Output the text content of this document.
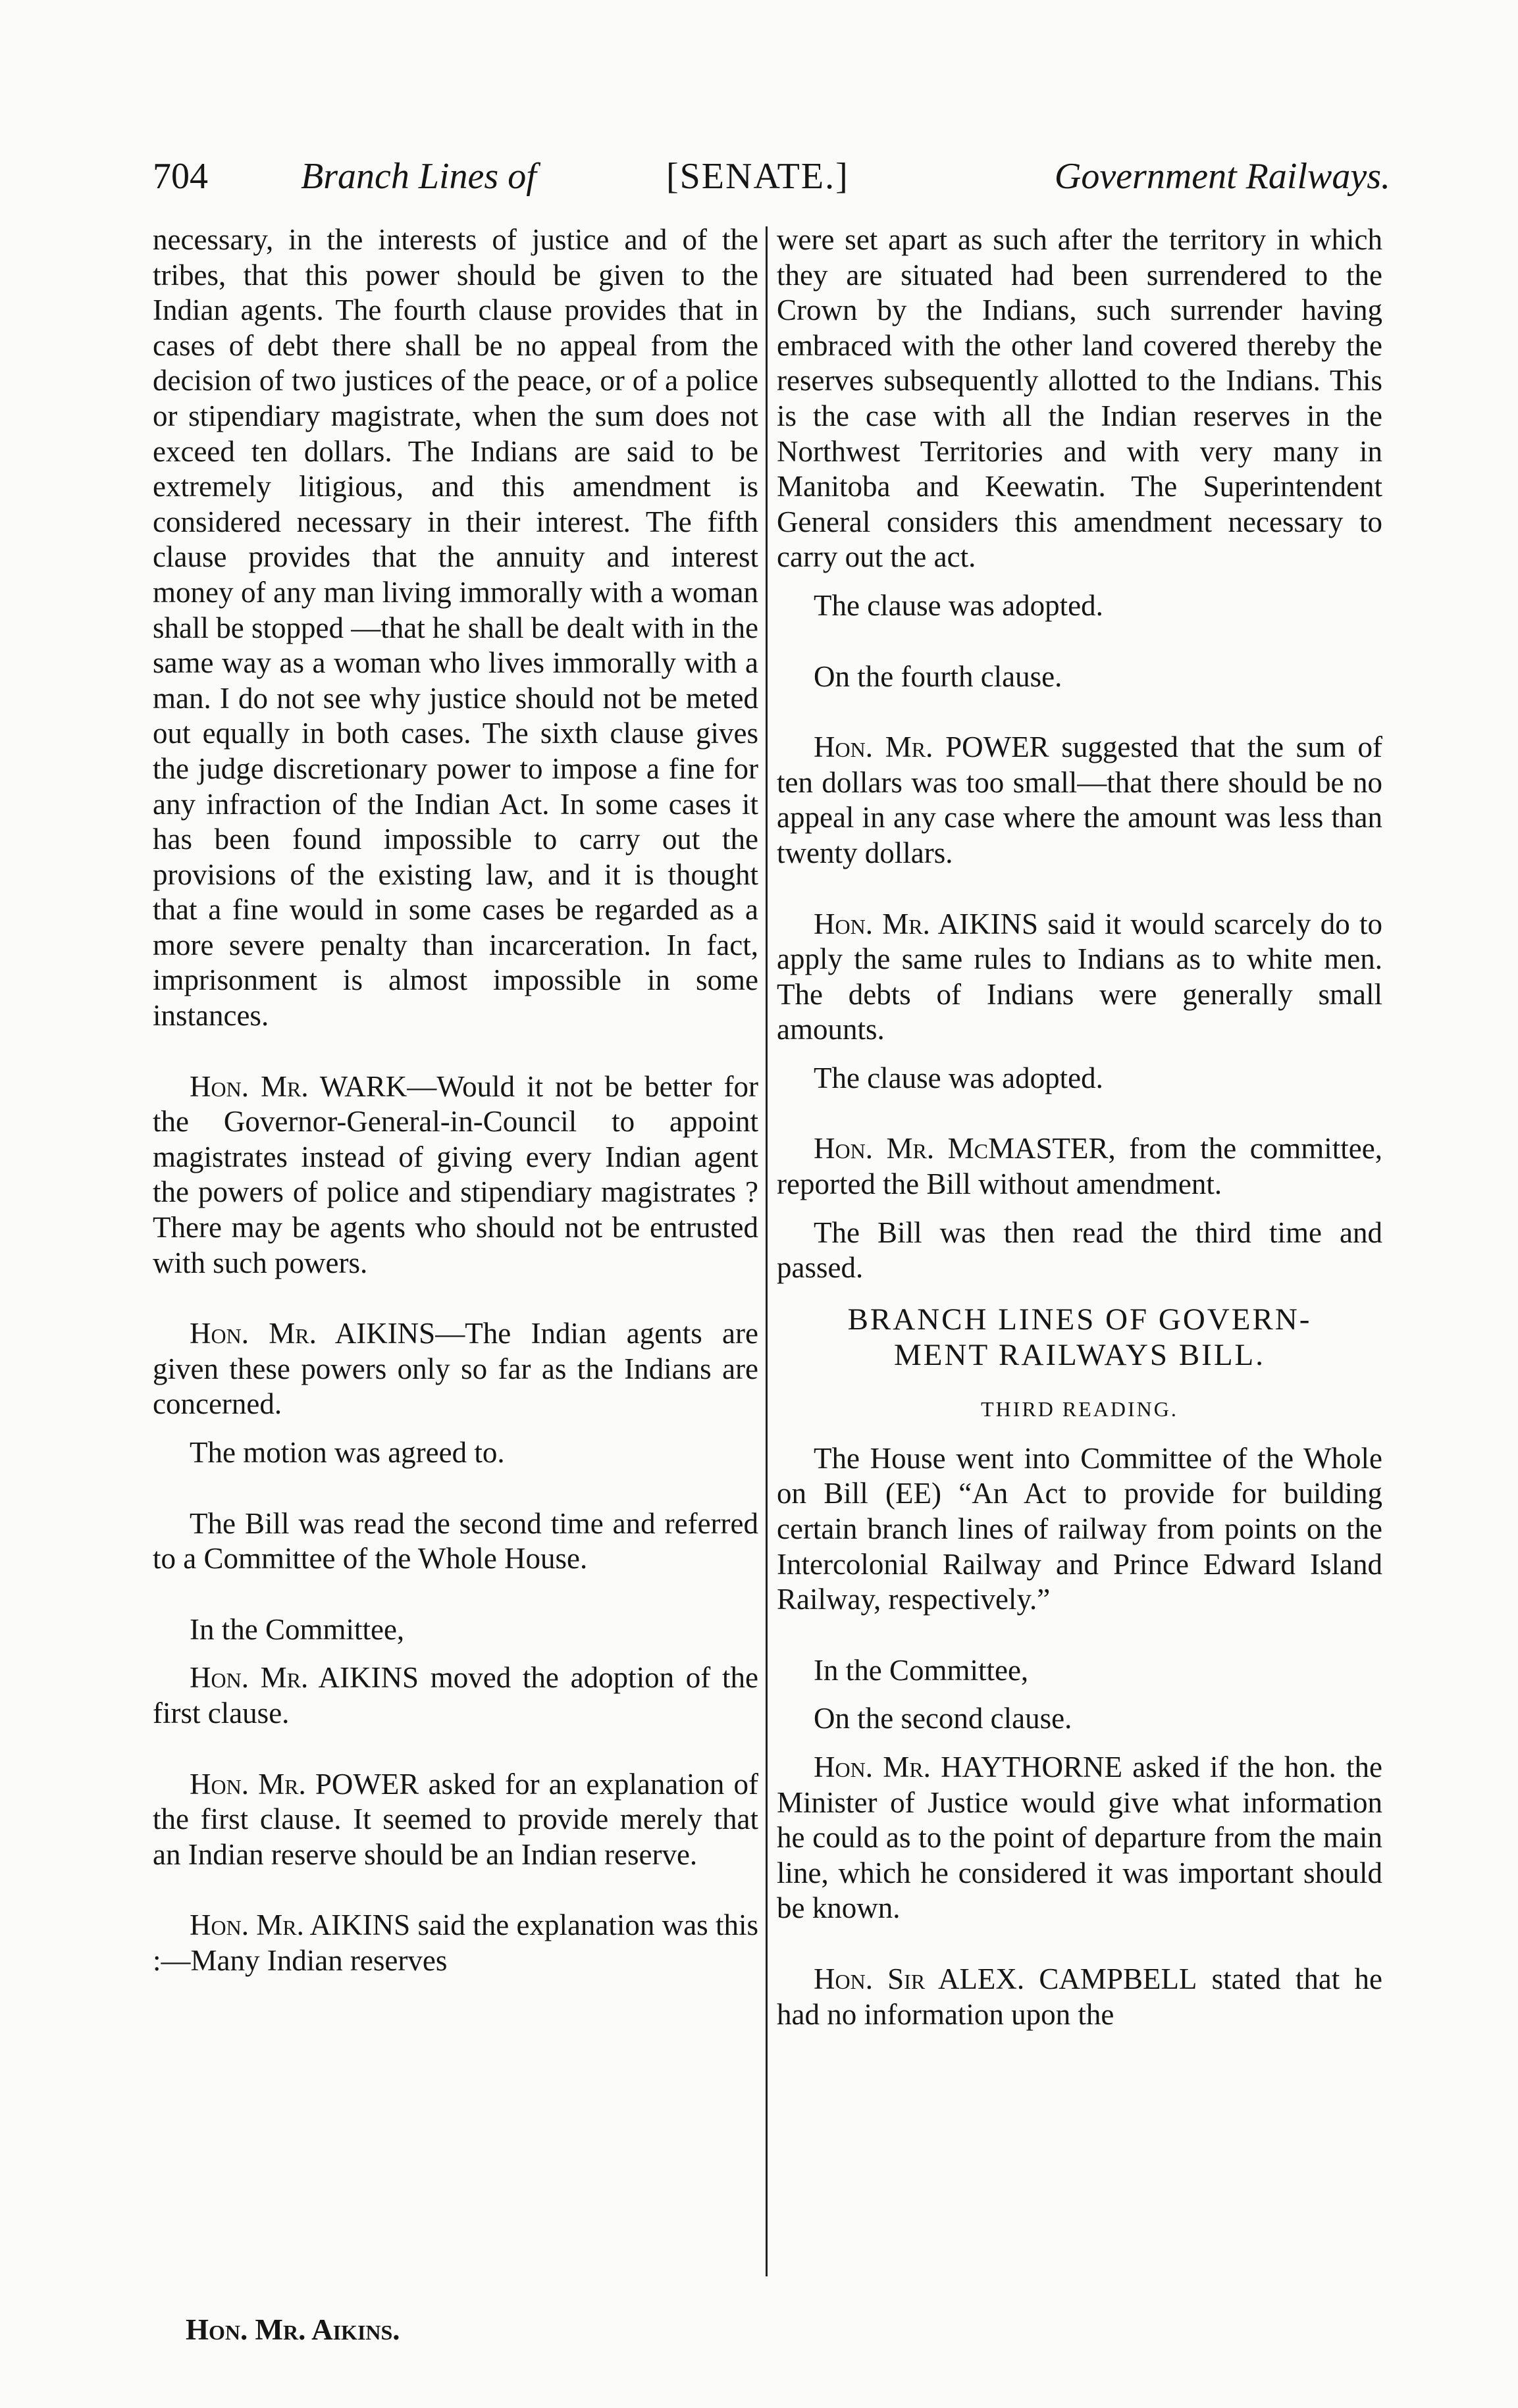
704	Branch Lines of	[SENATE.]	Government Railways.

necessary, in the interests of justice and of the tribes, that this power should be given to the Indian agents. The fourth clause provides that in cases of debt there shall be no appeal from the decision of two justices of the peace, or of a police or stipendiary magistrate, when the sum does not exceed ten dollars. The Indians are said to be extremely litigious, and this amendment is considered necessary in their interest. The fifth clause provides that the annuity and interest money of any man living immorally with a woman shall be stopped —that he shall be dealt with in the same way as a woman who lives immorally with a man. I do not see why justice should not be meted out equally in both cases. The sixth clause gives the judge discretionary power to impose a fine for any infraction of the Indian Act. In some cases it has been found impossible to carry out the provisions of the existing law, and it is thought that a fine would in some cases be regarded as a more severe penalty than incarceration. In fact, imprisonment is almost impossible in some instances.

Hon. Mr. WARK—Would it not be better for the Governor-General-in-Council to appoint magistrates instead of giving every Indian agent the powers of police and stipendiary magistrates ? There may be agents who should not be entrusted with such powers.

Hon. Mr. AIKINS—The Indian agents are given these powers only so far as the Indians are concerned.

The motion was agreed to.

The Bill was read the second time and referred to a Committee of the Whole House.

In the Committee,

Hon. Mr. AIKINS moved the adoption of the first clause.

Hon. Mr. POWER asked for an explanation of the first clause. It seemed to provide merely that an Indian reserve should be an Indian reserve.

Hon. Mr. AIKINS said the explanation was this :—Many Indian reserves

were set apart as such after the territory in which they are situated had been surrendered to the Crown by the Indians, such surrender having embraced with the other land covered thereby the reserves subsequently allotted to the Indians. This is the case with all the Indian reserves in the Northwest Territories and with very many in Manitoba and Keewatin. The Superintendent General considers this amendment necessary to carry out the act.

The clause was adopted.

On the fourth clause.

Hon. Mr. POWER suggested that the sum of ten dollars was too small—that there should be no appeal in any case where the amount was less than twenty dollars.

Hon. Mr. AIKINS said it would scarcely do to apply the same rules to Indians as to white men. The debts of Indians were generally small amounts.

The clause was adopted.

Hon. Mr. McMASTER, from the committee, reported the Bill without amendment.

The Bill was then read the third time and passed.

BRANCH LINES OF GOVERN-
MENT RAILWAYS BILL.
THIRD READING.

The House went into Committee of the Whole on Bill (EE) “An Act to provide for building certain branch lines of railway from points on the Intercolonial Railway and Prince Edward Island Railway, respectively.”

In the Committee,

On the second clause.

Hon. Mr. HAYTHORNE asked if the hon. the Minister of Justice would give what information he could as to the point of departure from the main line, which he considered it was important should be known.

Hon. Sir ALEX. CAMPBELL stated that he had no information upon the

Hon. Mr. Aikins.
